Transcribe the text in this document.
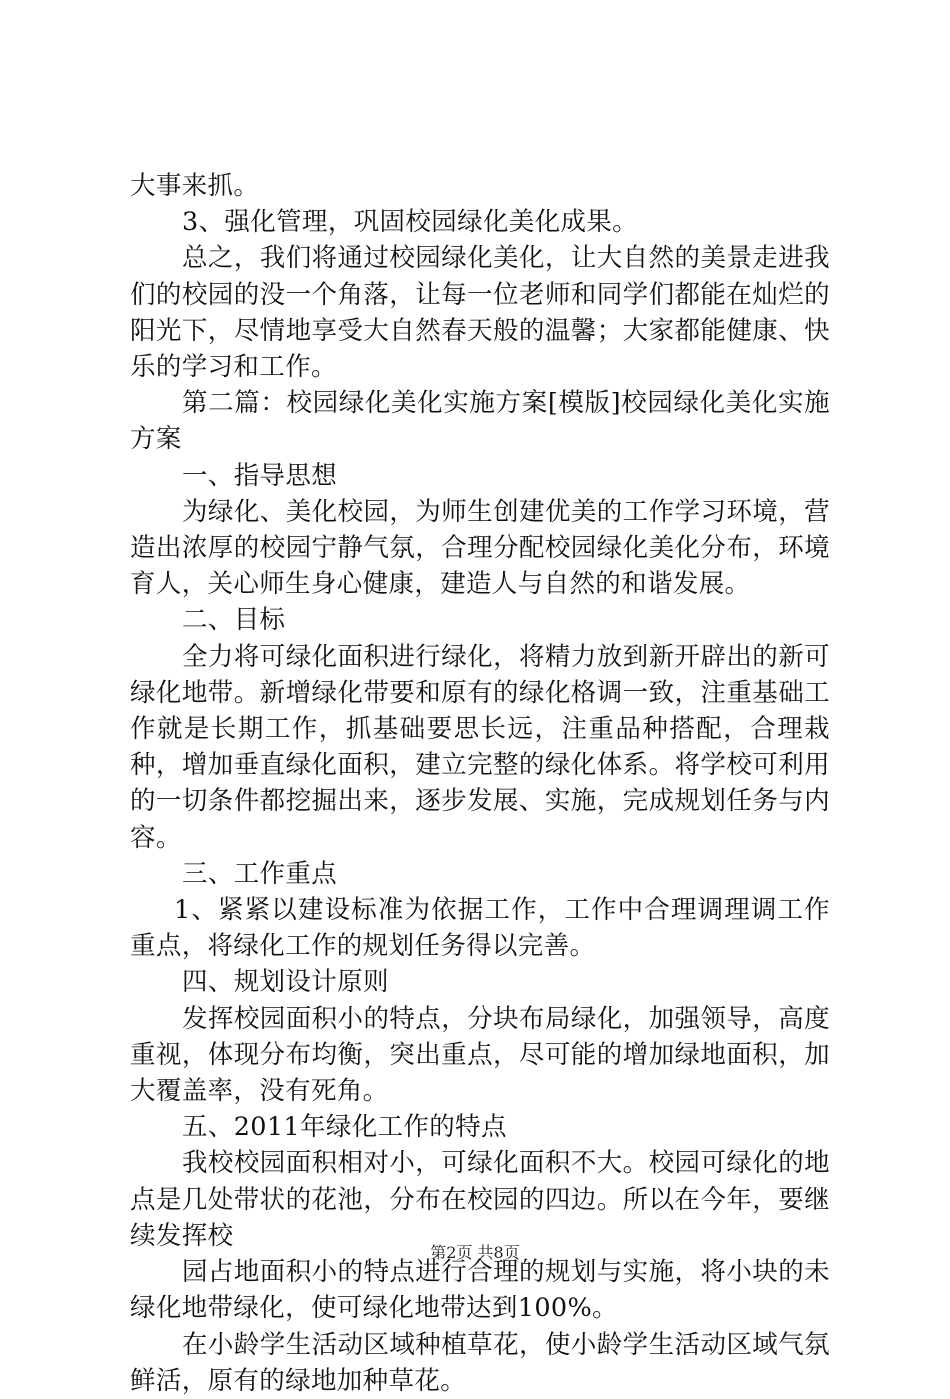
大事来抓。

3、强化管理，巩固校园绿化美化成果。

总之，我们将通过校园绿化美化，让大自然的美景走进我们的校园的没一个角落，让每一位老师和同学们都能在灿烂的阳光下，尽情地享受大自然春天般的温馨；大家都能健康、快乐的学习和工作。

第二篇：校园绿化美化实施方案[模版]校园绿化美化实施方案

一、指导思想

为绿化、美化校园，为师生创建优美的工作学习环境，营造出浓厚的校园宁静气氛，合理分配校园绿化美化分布，环境育人，关心师生身心健康，建造人与自然的和谐发展。

二、目标

全力将可绿化面积进行绿化，将精力放到新开辟出的新可绿化地带。新增绿化带要和原有的绿化格调一致，注重基础工作就是长期工作，抓基础要思长远，注重品种搭配，合理栽种，增加垂直绿化面积，建立完整的绿化体系。将学校可利用的一切条件都挖掘出来，逐步发展、实施，完成规划任务与内容。

三、工作重点

1、紧紧以建设标准为依据工作，工作中合理调理调工作重点，将绿化工作的规划任务得以完善。

四、规划设计原则

发挥校园面积小的特点，分块布局绿化，加强领导，高度重视，体现分布均衡，突出重点，尽可能的增加绿地面积，加大覆盖率，没有死角。

五、2011年绿化工作的特点

我校校园面积相对小，可绿化面积不大。校园可绿化的地点是几处带状的花池，分布在校园的四边。所以在今年，要继续发挥校

园占地面积小的特点进行合理的规划与实施，将小块的未绿化地带绿化，使可绿化地带达到100%。

在小龄学生活动区域种植草花，使小龄学生活动区域气氛鲜活，原有的绿地加种草花。

第2页 共8页
